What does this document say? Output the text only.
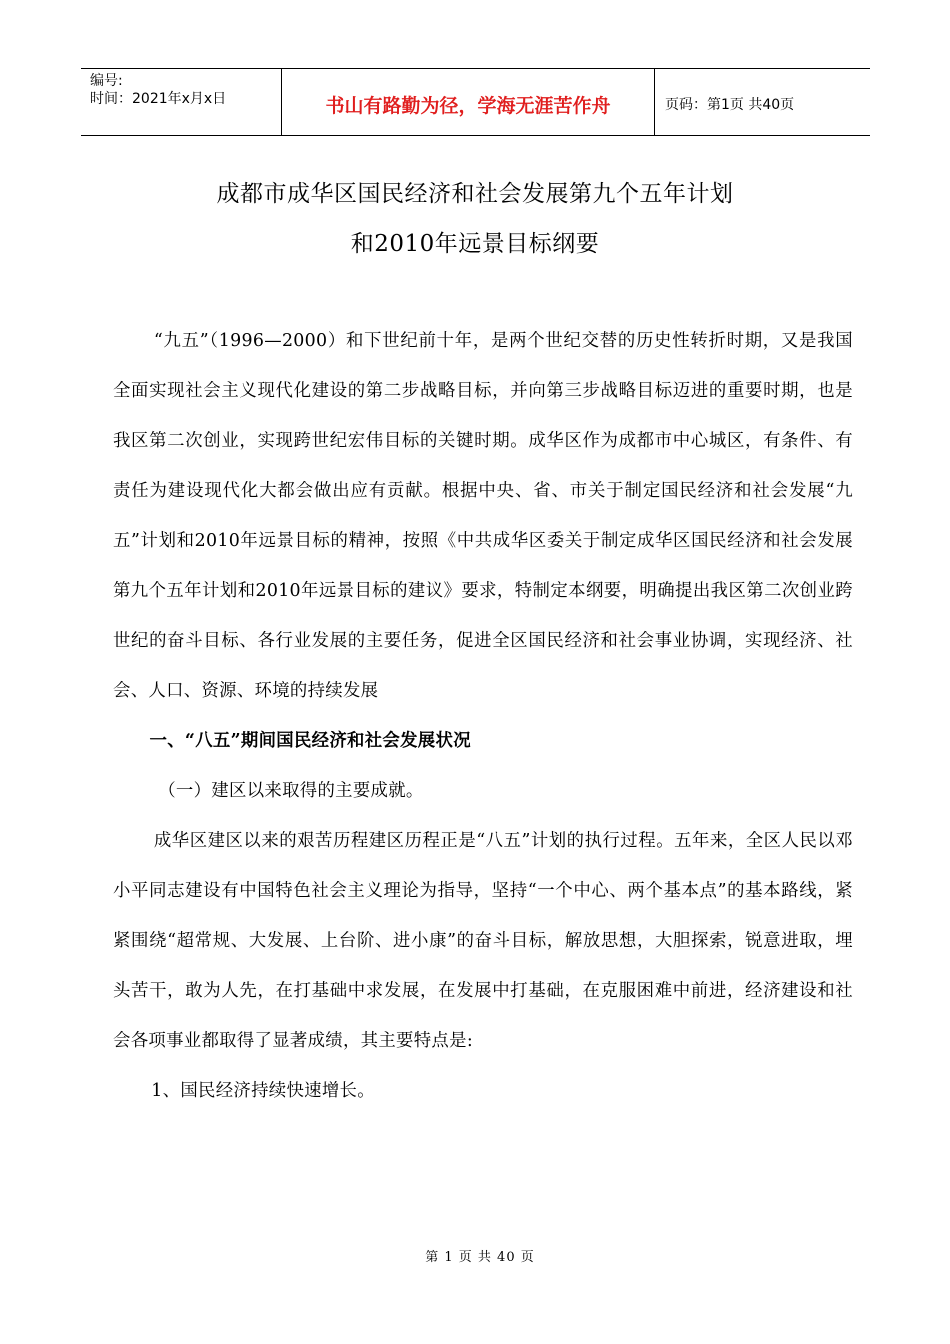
编号:
时间：2021年x月x日	书山有路勤为径，学海无涯苦作舟	页码：第1页 共40页
成都市成华区国民经济和社会发展第九个五年计划
和2010年远景目标纲要

“九五”（1996—2000）和下世纪前十年，是两个世纪交替的历史性转折时期，又是我国全面实现社会主义现代化建设的第二步战略目标，并向第三步战略目标迈进的重要时期，也是我区第二次创业，实现跨世纪宏伟目标的关键时期。成华区作为成都市中心城区，有条件、有责任为建设现代化大都会做出应有贡献。根据中央、省、市关于制定国民经济和社会发展“九五”计划和2010年远景目标的精神，按照《中共成华区委关于制定成华区国民经济和社会发展第九个五年计划和2010年远景目标的建议》要求，特制定本纲要，明确提出我区第二次创业跨世纪的奋斗目标、各行业发展的主要任务，促进全区国民经济和社会事业协调，实现经济、社会、人口、资源、环境的持续发展

一、“八五”期间国民经济和社会发展状况

（一）建区以来取得的主要成就。

成华区建区以来的艰苦历程建区历程正是“八五”计划的执行过程。五年来，全区人民以邓小平同志建设有中国特色社会主义理论为指导，坚持“一个中心、两个基本点”的基本路线，紧紧围绕“超常规、大发展、上台阶、进小康”的奋斗目标，解放思想，大胆探索，锐意进取，埋头苦干，敢为人先，在打基础中求发展，在发展中打基础，在克服困难中前进，经济建设和社会各项事业都取得了显著成绩，其主要特点是:

1、国民经济持续快速增长。

第 1 页 共 40 页
